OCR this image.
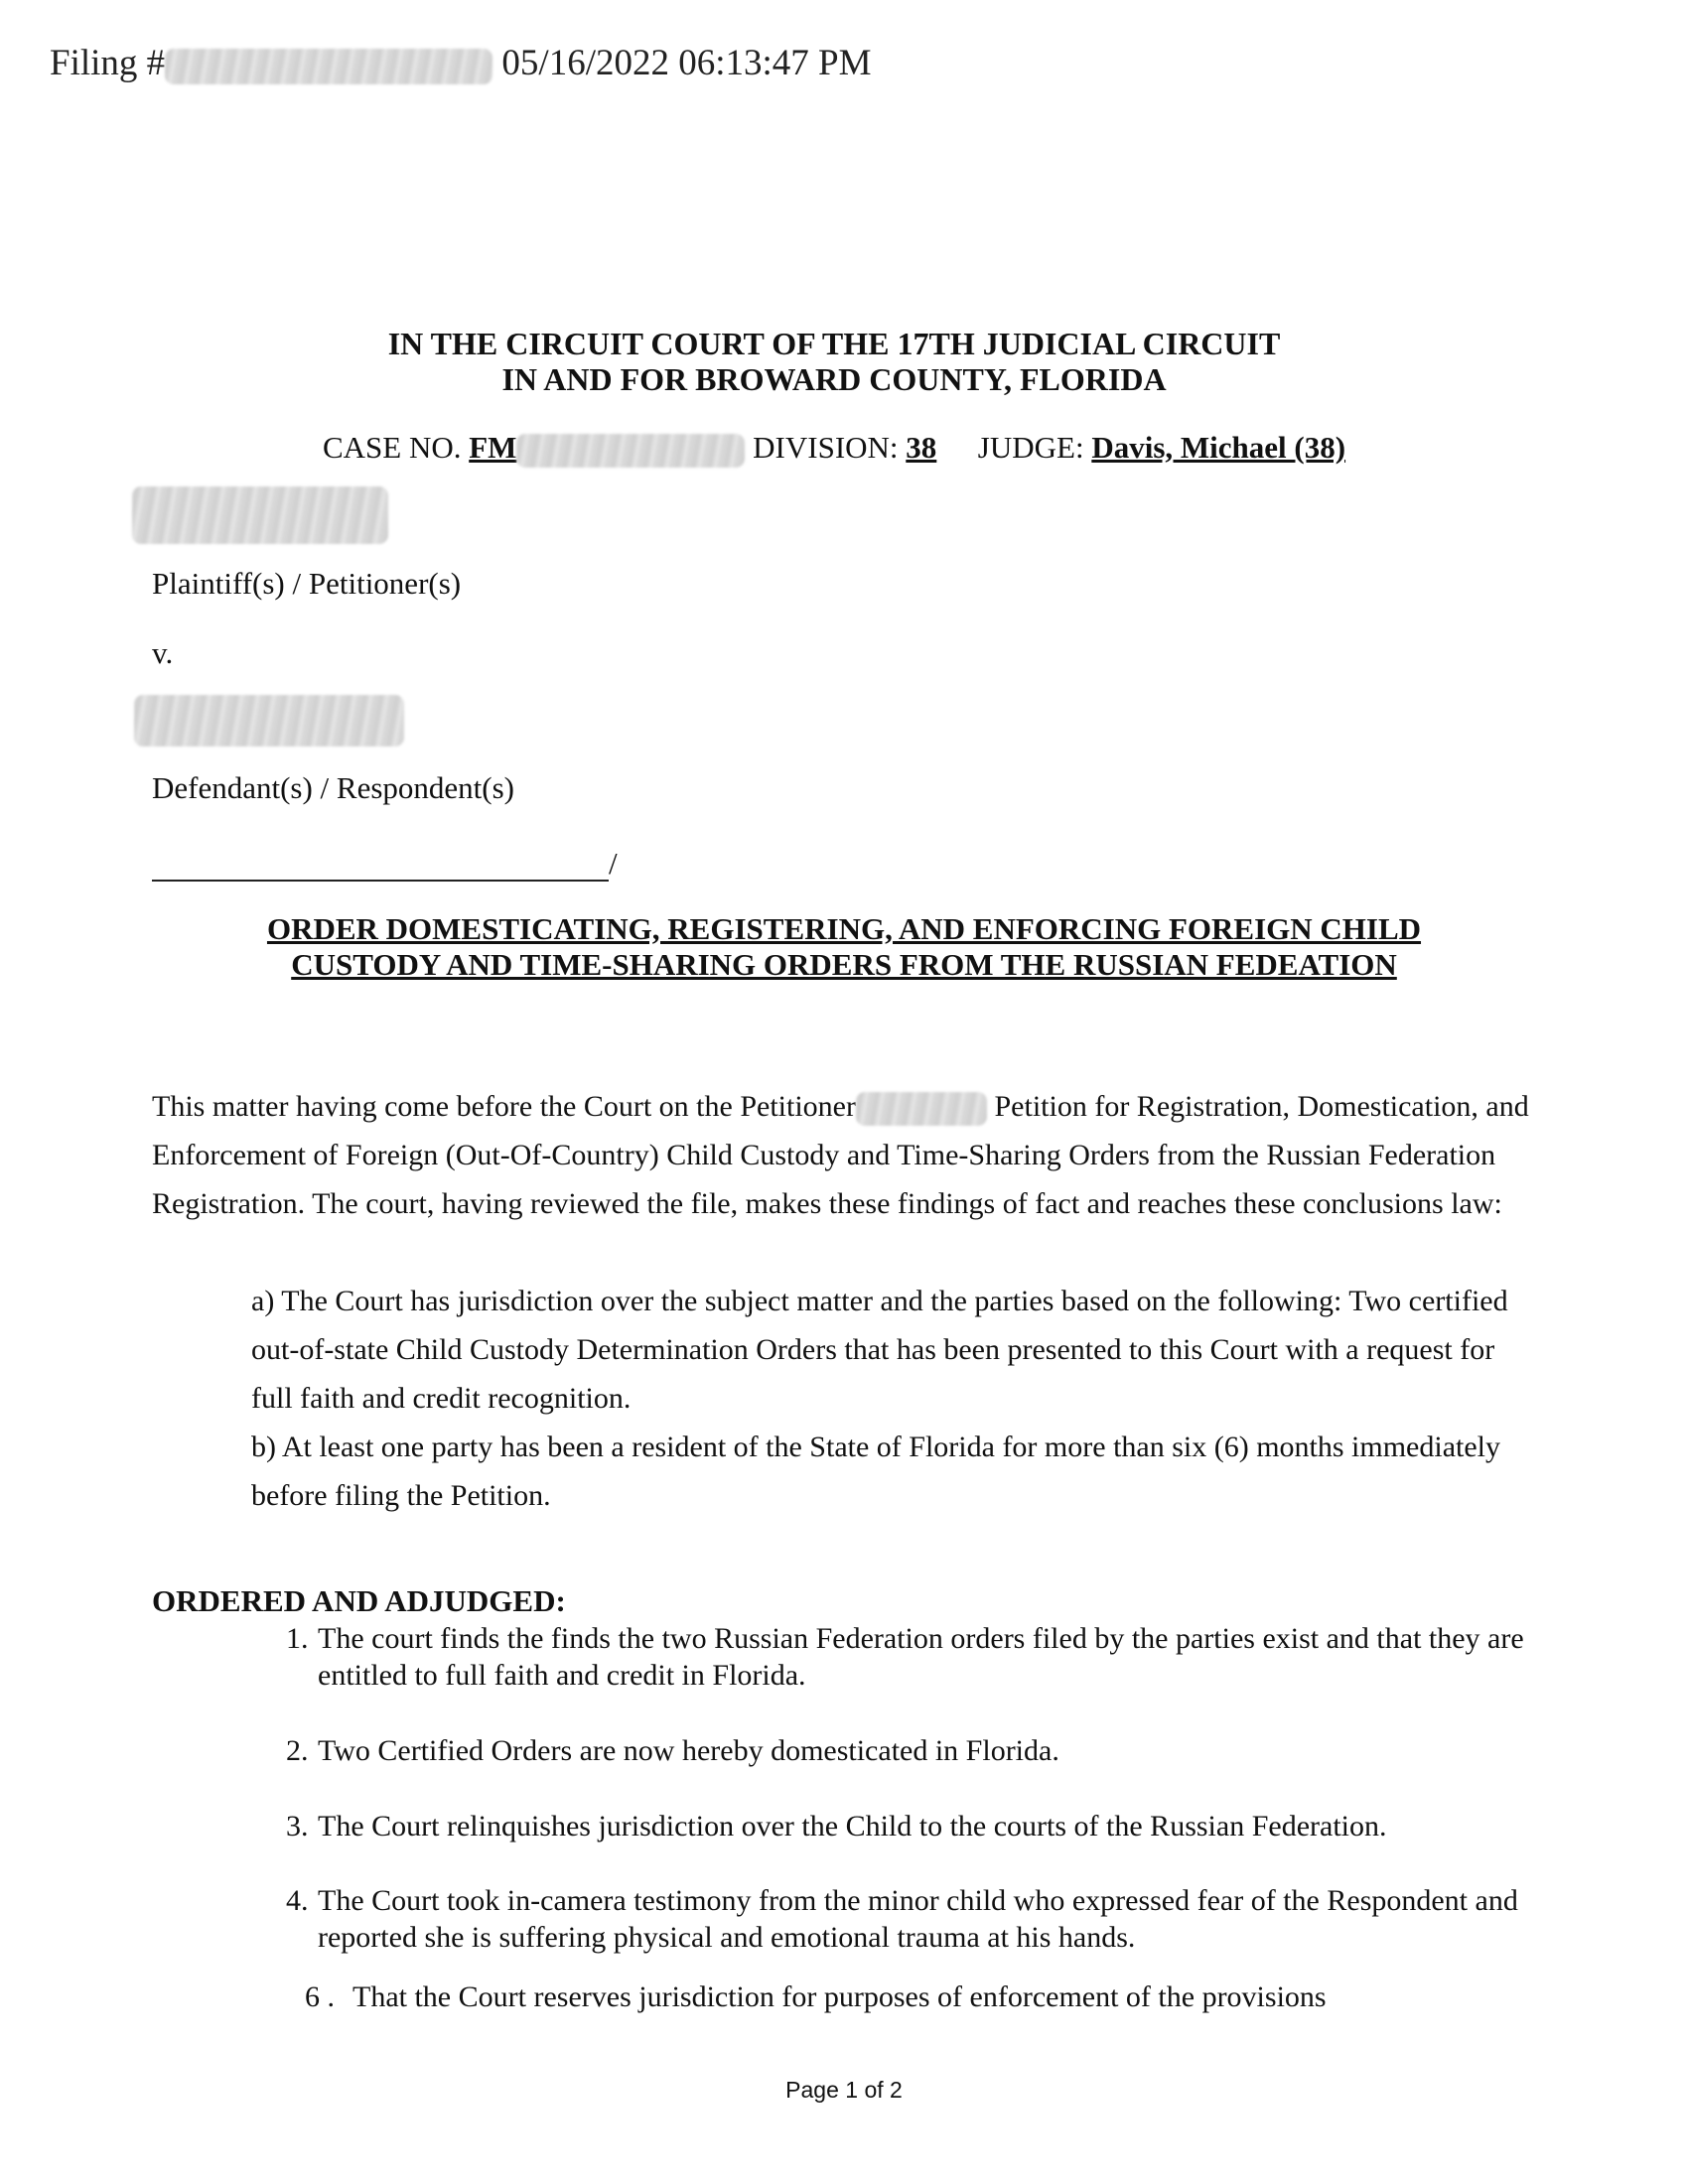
Filing #	05/16/2022 06:13:47 PM
IN THE CIRCUIT COURT OF THE 17TH JUDICIAL CIRCUIT
IN AND FOR BROWARD COUNTY, FLORIDA
CASE NO. FM	DIVISION: 38 JUDGE: Davis, Michael (38)
Plaintiff(s) / Petitioner(s)
v.
Defendant(s) / Respondent(s)
/
ORDER DOMESTICATING, REGISTERING, AND ENFORCING FOREIGN CHILD
CUSTODY AND TIME-SHARING ORDERS FROM THE RUSSIAN FEDEATION
This matter having come before the Court on the Petitioner	Petition for Registration, Domestication, and Enforcement of Foreign (Out-Of-Country) Child Custody and Time-Sharing Orders from the Russian Federation Registration. The court, having reviewed the file, makes these findings of fact and reaches these conclusions law:
a) The Court has jurisdiction over the subject matter and the parties based on the following: Two certified out-of-state Child Custody Determination Orders that has been presented to this Court with a request for full faith and credit recognition.
b) At least one party has been a resident of the State of Florida for more than six (6) months immediately before filing the Petition.
ORDERED AND ADJUDGED:
1. The court finds the finds the two Russian Federation orders filed by the parties exist and that they are entitled to full faith and credit in Florida.
2. Two Certified Orders are now hereby domesticated in Florida.
3. The Court relinquishes jurisdiction over the Child to the courts of the Russian Federation.
4. The Court took in-camera testimony from the minor child who expressed fear of the Respondent and reported she is suffering physical and emotional trauma at his hands.
6 . That the Court reserves jurisdiction for purposes of enforcement of the provisions
Page 1 of 2
